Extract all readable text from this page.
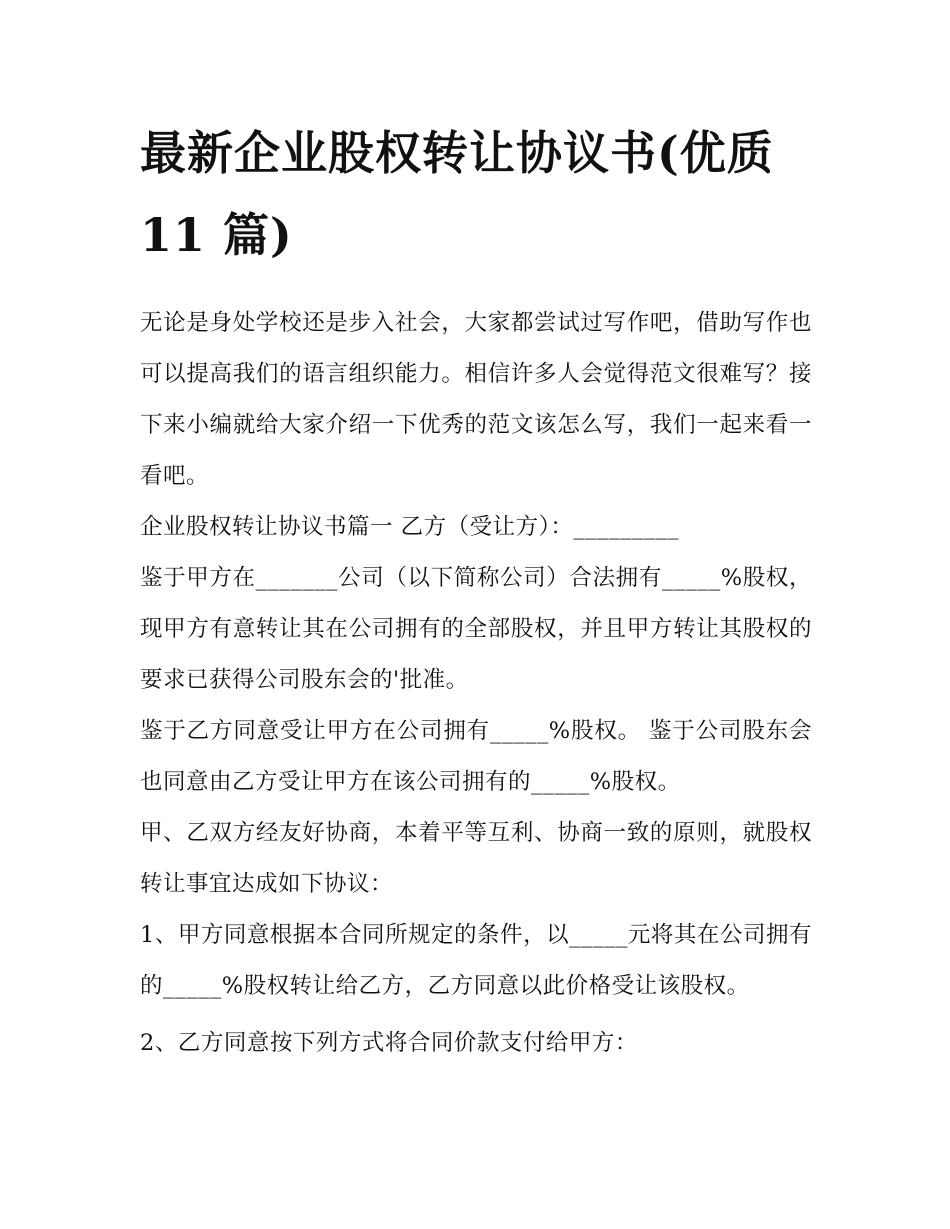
最新企业股权转让协议书(优质 11 篇)

无论是身处学校还是步入社会，大家都尝试过写作吧，借助写作也可以提高我们的语言组织能力。相信许多人会觉得范文很难写？接下来小编就给大家介绍一下优秀的范文该怎么写，我们一起来看一看吧。

企业股权转让协议书篇一 乙方（受让方）：_________

鉴于甲方在_______公司（以下简称公司）合法拥有_____%股权，现甲方有意转让其在公司拥有的全部股权，并且甲方转让其股权的要求已获得公司股东会的'批准。

鉴于乙方同意受让甲方在公司拥有_____%股权。 鉴于公司股东会也同意由乙方受让甲方在该公司拥有的_____%股权。

甲、乙双方经友好协商，本着平等互利、协商一致的原则，就股权转让事宜达成如下协议：

1、甲方同意根据本合同所规定的条件，以_____元将其在公司拥有的_____%股权转让给乙方，乙方同意以此价格受让该股权。

2、乙方同意按下列方式将合同价款支付给甲方：
